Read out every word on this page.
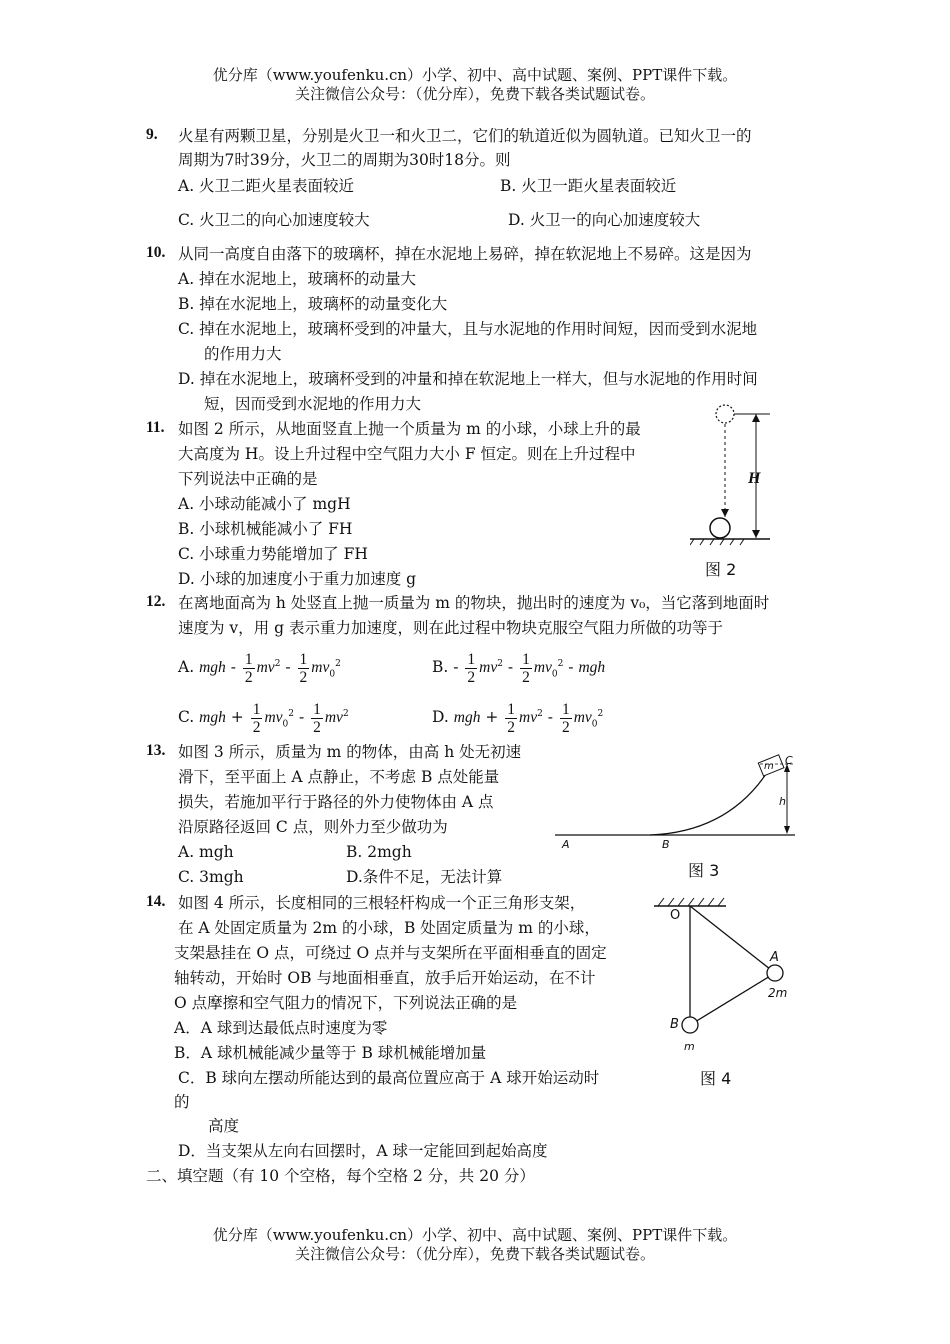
优分库（www.youfenku.cn）小学、初中、高中试题、案例、PPT课件下载。
关注微信公众号：（优分库），免费下载各类试题试卷。
9. 火星有两颗卫星，分别是火卫一和火卫二，它们的轨道近似为圆轨道。已知火卫一的
周期为7时39分，火卫二的周期为30时18分。则
A. 火卫二距火星表面较近	B. 火卫一距火星表面较近
C. 火卫二的向心加速度较大	D. 火卫一的向心加速度较大
10. 从同一高度自由落下的玻璃杯，掉在水泥地上易碎，掉在软泥地上不易碎。这是因为
A. 掉在水泥地上，玻璃杯的动量大
B. 掉在水泥地上，玻璃杯的动量变化大
C. 掉在水泥地上，玻璃杯受到的冲量大，且与水泥地的作用时间短，因而受到水泥地
的作用力大
D. 掉在水泥地上，玻璃杯受到的冲量和掉在软泥地上一样大，但与水泥地的作用时间
短，因而受到水泥地的作用力大
11. 如图 2 所示，从地面竖直上抛一个质量为 m 的小球，小球上升的最
大高度为 H。设上升过程中空气阻力大小 F 恒定。则在上升过程中
下列说法中正确的是
A. 小球动能减小了 mgH
B. 小球机械能减小了 FH
C. 小球重力势能增加了 FH
D. 小球的加速度小于重力加速度 g
H
图 2
12. 在离地面高为 h 处竖直上抛一质量为 m 的物块，抛出时的速度为 v₀，当它落到地面时
速度为 v，用 g 表示重力加速度，则在此过程中物块克服空气阻力所做的功等于
A. mgh - $\frac{1}{2} mv^2 - \frac{1}{2} mv_0^2$	B. - $\frac{1}{2} mv^2 - \frac{1}{2} mv_0^2$ - mgh
C. mgh + $\frac{1}{2} mv_0^2 - \frac{1}{2} mv^2$	D. mgh + $\frac{1}{2} mv^2 - \frac{1}{2} mv_0^2$
13. 如图 3 所示，质量为 m 的物体，由高 h 处无初速
滑下，至平面上 A 点静止，不考虑 B 点处能量
损失，若施加平行于路径的外力使物体由 A 点
沿原路径返回 C 点，则外力至少做功为
A. mgh	B. 2mgh
C. 3mgh	D.条件不足，无法计算
A	B
C
h
m
图 3
14. 如图 4 所示，长度相同的三根轻杆构成一个正三角形支架，
在 A 处固定质量为 2m 的小球，B 处固定质量为 m 的小球，
支架悬挂在 O 点，可绕过 O 点并与支架所在平面相垂直的固定
轴转动，开始时 OB 与地面相垂直，放手后开始运动，在不计
O 点摩擦和空气阻力的情况下，下列说法正确的是
A．A 球到达最低点时速度为零
B．A 球机械能减少量等于 B 球机械能增加量
C．B 球向左摆动所能达到的最高位置应高于 A 球开始运动时
的
高度
D．当支架从左向右回摆时，A 球一定能回到起始高度
O
A
2m
B
m
图 4
二、填空题（有 10 个空格，每个空格 2 分，共 20 分）
优分库（www.youfenku.cn）小学、初中、高中试题、案例、PPT课件下载。
关注微信公众号：（优分库），免费下载各类试题试卷。
